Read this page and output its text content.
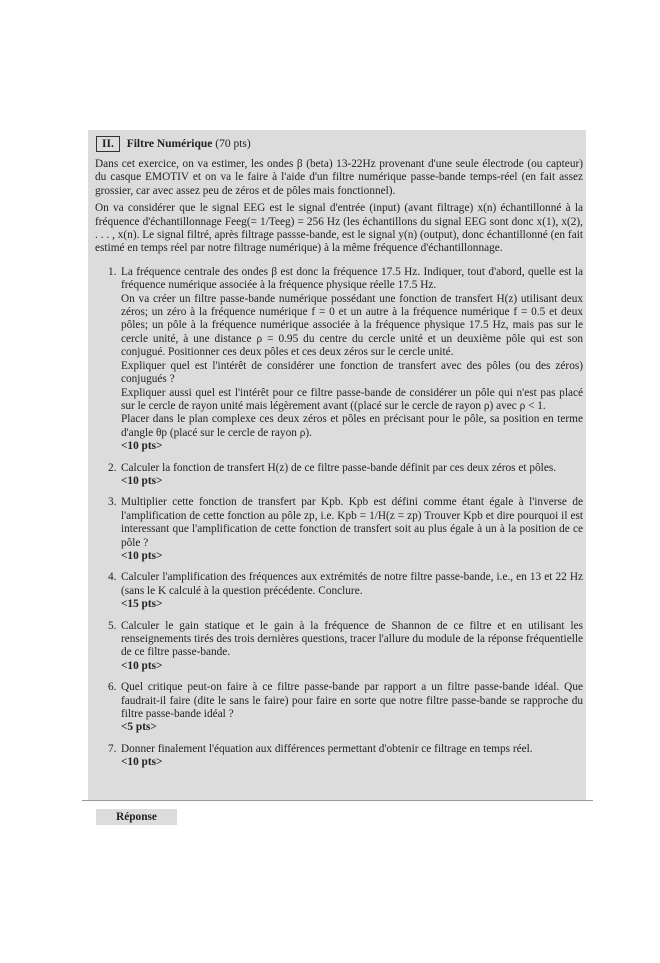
II. Filtre Numérique (70 pts)

Dans cet exercice, on va estimer, les ondes β (beta) 13-22Hz provenant d'une seule électrode (ou capteur) du casque EMOTIV et on va le faire à l'aide d'un filtre numérique passe-bande temps-réel (en fait assez grossier, car avec assez peu de zéros et de pôles mais fonctionnel).

On va considérer que le signal EEG est le signal d'entrée (input) (avant filtrage) x(n) échantillonné à la fréquence d'échantillonnage Feeg(= 1/Teeg) = 256 Hz (les échantillons du signal EEG sont donc x(1), x(2), . . . , x(n). Le signal filtré, après filtrage passse-bande, est le signal y(n) (output), donc échantillonné (en fait estimé en temps réel par notre filtrage numérique) à la même fréquence d'échantillonnage.

1. La fréquence centrale des ondes β est donc la fréquence 17.5 Hz. Indiquer, tout d'abord, quelle est la fréquence numérique associée à la fréquence physique réelle 17.5 Hz.

On va créer un filtre passe-bande numérique possédant une fonction de transfert H(z) utilisant deux zéros; un zéro à la fréquence numérique f = 0 et un autre à la fréquence numérique f = 0.5 et deux pôles; un pôle à la fréquence numérique associée à la fréquence physique 17.5 Hz, mais pas sur le cercle unité, à une distance ρ = 0.95 du centre du cercle unité et un deuxième pôle qui est son conjugué. Positionner ces deux pôles et ces deux zéros sur le cercle unité.

Expliquer quel est l'intérêt de considérer une fonction de transfert avec des pôles (ou des zéros) conjugués ?

Expliquer aussi quel est l'intérêt pour ce filtre passe-bande de considérer un pôle qui n'est pas placé sur le cercle de rayon unité mais légèrement avant ((placé sur le cercle de rayon ρ) avec ρ < 1.

Placer dans le plan complexe ces deux zéros et pôles en précisant pour le pôle, sa position en terme d'angle θp (placé sur le cercle de rayon ρ).

<10 pts>
2. Calculer la fonction de transfert H(z) de ce filtre passe-bande définit par ces deux zéros et pôles.

<10 pts>
3. Multiplier cette fonction de transfert par Kpb. Kpb est défini comme étant égale à l'inverse de l'amplification de cette fonction au pôle zp, i.e. Kpb = 1/H(z = zp) Trouver Kpb et dire pourquoi il est interessant que l'amplification de cette fonction de transfert soit au plus égale à un à la position de ce pôle ?

<10 pts>
4. Calculer l'amplification des fréquences aux extrémités de notre filtre passe-bande, i.e., en 13 et 22 Hz (sans le K calculé à la question précédente. Conclure.

<15 pts>
5. Calculer le gain statique et le gain à la fréquence de Shannon de ce filtre et en utilisant les renseignements tirés des trois dernières questions, tracer l'allure du module de la réponse fréquentielle de ce filtre passe-bande.

<10 pts>
6. Quel critique peut-on faire à ce filtre passe-bande par rapport a un filtre passe-bande idéal. Que faudrait-il faire (dite le sans le faire) pour faire en sorte que notre filtre passe-bande se rapproche du filtre passe-bande idéal ?

<5 pts>
7. Donner finalement l'équation aux différences permettant d'obtenir ce filtrage en temps réel.

<10 pts>
Réponse
